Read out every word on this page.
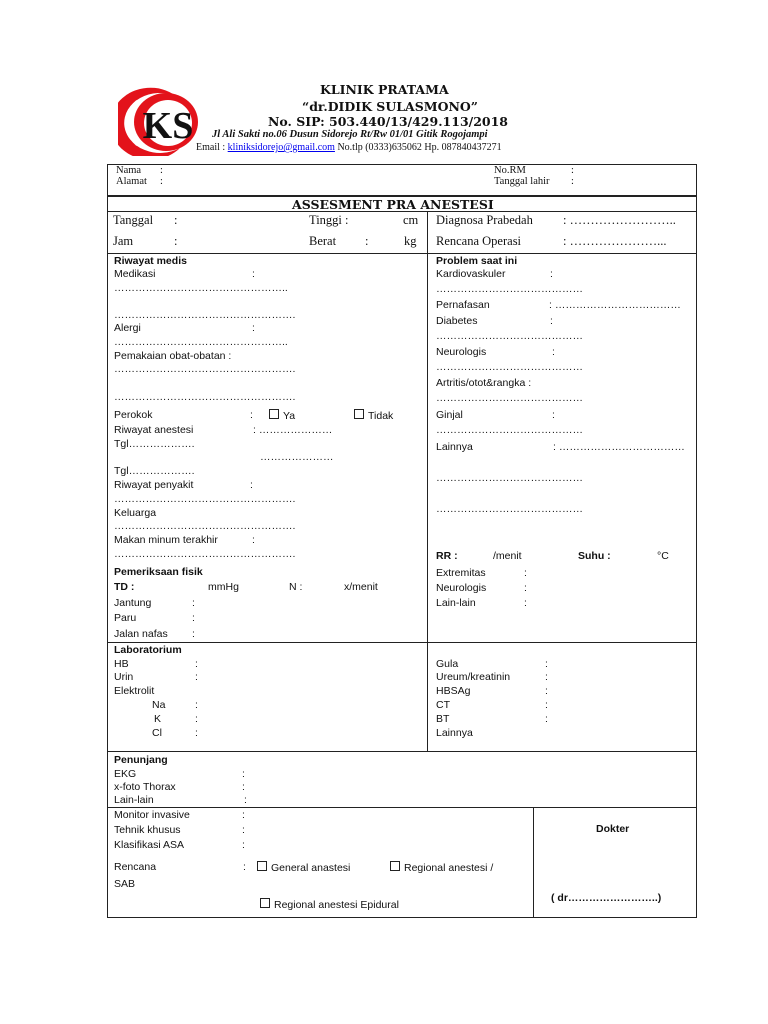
KS
KLINIK PRATAMA
“dr.DIDIK SULASMONO”
No. SIP: 503.440/13/429.113/2018
Jl Ali Sakti no.06 Dusun Sidorejo Rt/Rw 01/01 Gitik Rogojampi
Email : kliniksidorejo@gmail.com No.tlp (0333)635062 Hp. 087840437271
Nama :
Alamat :
No.RM	:
Tanggal lahir :
ASSESMENT PRA ANESTESI
Tanggal :	Tinggi :	cm
Jam	:	Berat :	kg
Diagnosa Prabedah : ……………………..
Rencana Operasi	: …………………...
Riwayat medis
Medikasi	:
…………………………………………..
…………………………………………….
Alergi	:
…………………………………………..
Pemakaian obat-obatan :
…………………………………………….
…………………………………………….
Perokok	:	Ya	Tidak
Riwayat anestesi	: …………………
Tgl……………….
…………………
Tgl……………….
Riwayat penyakit	:
…………………………………………….
Keluarga
…………………………………………….
Makan minum terakhir	:
…………………………………………….
Pemeriksaan fisik
TD :	mmHg	N :	x/menit
Jantung	:
Paru	:
Jalan nafas :
Problem saat ini
Kardiovaskuler	:
……………………………………
Pernafasan	: ………………………………
Diabetes	:
……………………………………
Neurologis	:
……………………………………
Artritis/otot&rangka :
……………………………………
Ginjal	:
……………………………………
Lainnya	: ………………………………
……………………………………
……………………………………
RR :	/menit	Suhu :	°C
Extremitas	:
Neurologis	:
Lain-lain	:
Laboratorium
HB	:
Urin	:
Elektrolit
Na	:
K	:
Cl	:
Gula	:
Ureum/kreatinin	:
HBSAg	:
CT	:
BT	:
Lainnya
Penunjang
EKG	:
x-foto Thorax	:
Lain-lain	:
Monitor invasive	:
Tehnik khusus	:
Klasifikasi ASA	:
Rencana	:	General anastesi	Regional anestesi /
SAB
Regional anestesi Epidural
Dokter
( dr……………………..)
